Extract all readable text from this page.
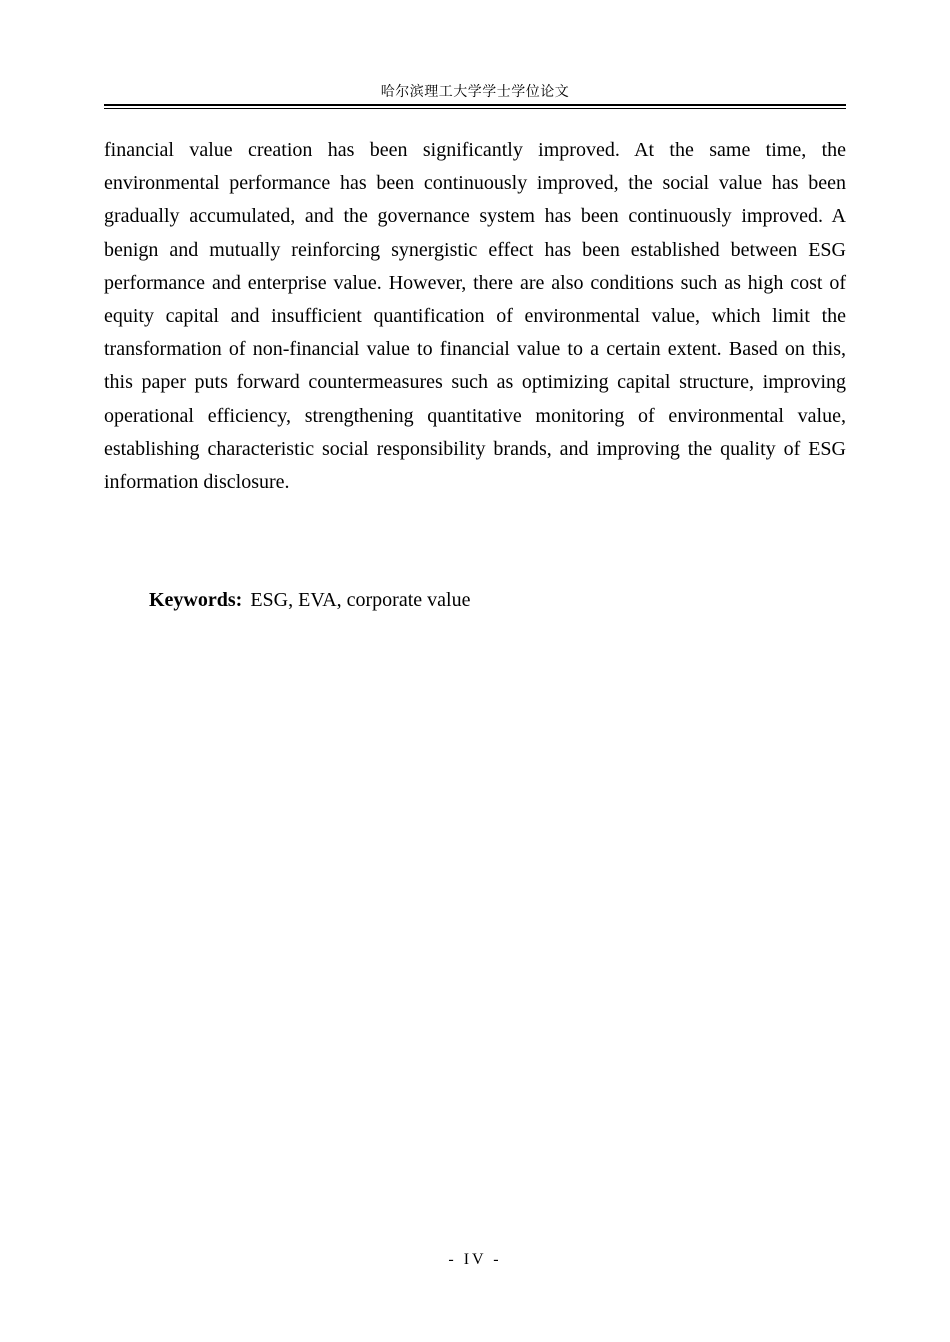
哈尔滨理工大学学士学位论文

financial value creation has been significantly improved. At the same time, the environmental performance has been continuously improved, the social value has been gradually accumulated, and the governance system has been continuously improved. A benign and mutually reinforcing synergistic effect has been established between ESG performance and enterprise value. However, there are also conditions such as high cost of equity capital and insufficient quantification of environmental value, which limit the transformation of non-financial value to financial value to a certain extent. Based on this, this paper puts forward countermeasures such as optimizing capital structure, improving operational efficiency, strengthening quantitative monitoring of environmental value, establishing characteristic social responsibility brands, and improving the quality of ESG information disclosure.

Keywords: ESG, EVA, corporate value
- IV -
